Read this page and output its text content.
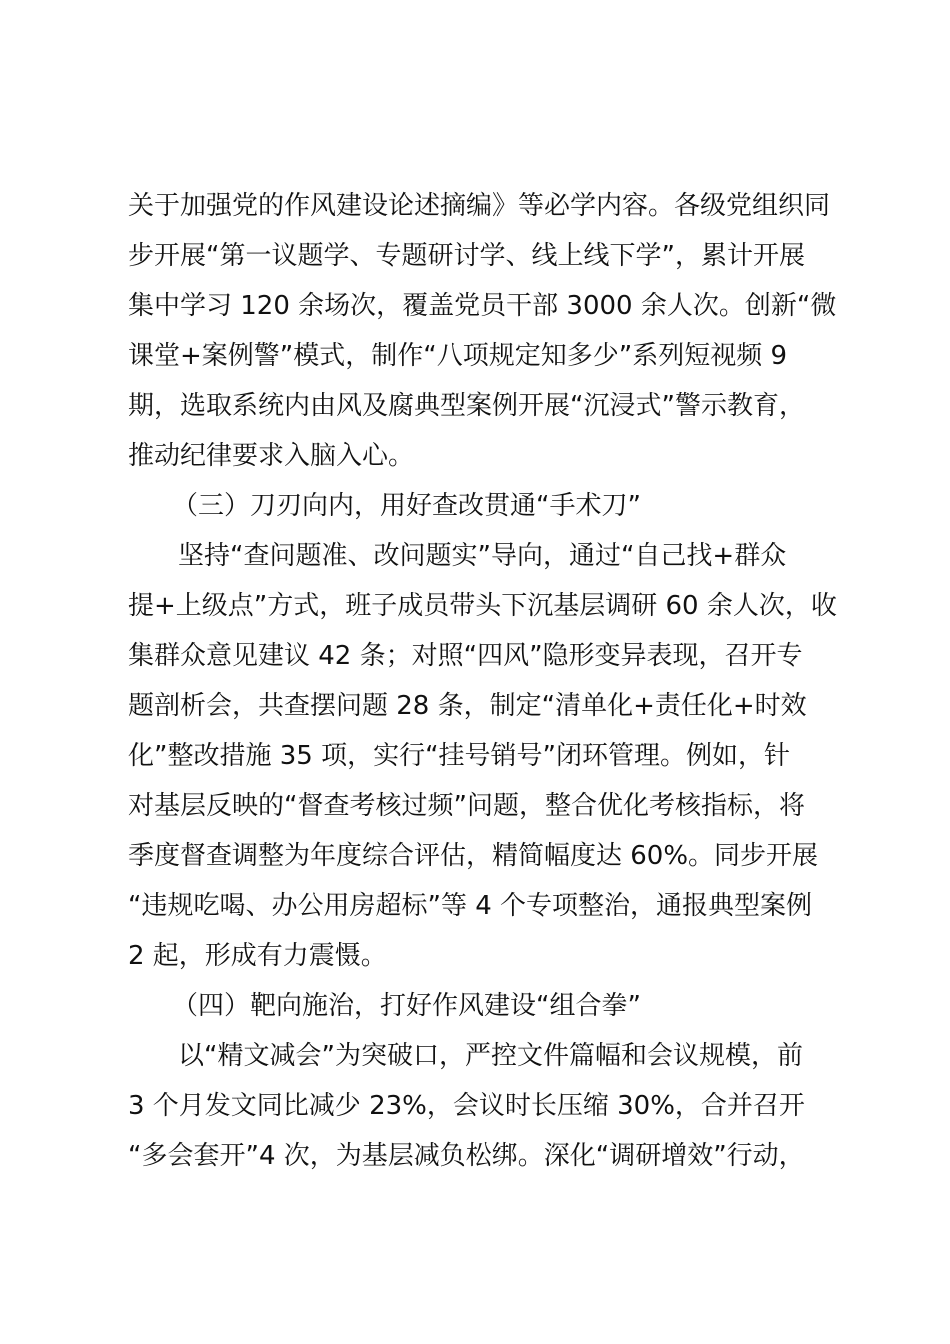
关于加强党的作风建设论述摘编》等必学内容。各级党组织同
步开展“第一议题学、专题研讨学、线上线下学”，累计开展
集中学习 120 余场次，覆盖党员干部 3000 余人次。创新“微
课堂+案例警”模式，制作“八项规定知多少”系列短视频 9
期，选取系统内由风及腐典型案例开展“沉浸式”警示教育，
推动纪律要求入脑入心。
（三）刀刃向内，用好查改贯通“手术刀”
坚持“查问题准、改问题实”导向，通过“自己找+群众
提+上级点”方式，班子成员带头下沉基层调研 60 余人次，收
集群众意见建议 42 条；对照“四风”隐形变异表现，召开专
题剖析会，共查摆问题 28 条，制定“清单化+责任化+时效
化”整改措施 35 项，实行“挂号销号”闭环管理。例如，针
对基层反映的“督查考核过频”问题，整合优化考核指标，将
季度督查调整为年度综合评估，精简幅度达 60%。同步开展
“违规吃喝、办公用房超标”等 4 个专项整治，通报典型案例
2 起，形成有力震慑。
（四）靶向施治，打好作风建设“组合拳”
以“精文减会”为突破口，严控文件篇幅和会议规模，前
3 个月发文同比减少 23%，会议时长压缩 30%，合并召开
“多会套开”4 次，为基层减负松绑。深化“调研增效”行动，
